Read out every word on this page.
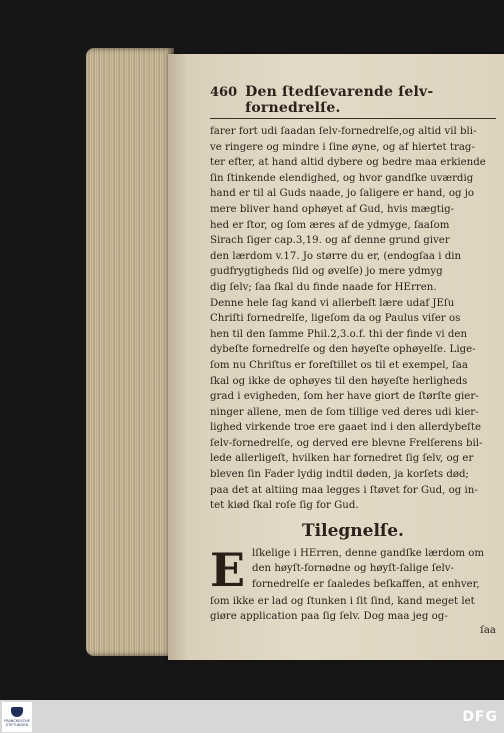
460 Den ſtedſevarende ſelv-fornedrelſe.
farer fort udi ſaadan ſelv-fornedrelſe,og altid vil bli-
ve ringere og mindre i ſine øyne, og af hiertet trag-
ter efter, at hand altid dybere og bedre maa erkiende
ſin ſtinkende elendighed, og hvor gandſke uværdig
hand er til al Guds naade, jo ſaligere er hand, og jo
mere bliver hand ophøyet af Gud, hvis mægtig-
hed er ſtor, og ſom æres af de ydmyge, ſaaſom
Sirach ſiger cap.3,19. og af denne grund giver
den lærdom v.17. Jo større du er, (endogſaa i din
gudfrygtigheds ſiid og øvelſe) jo mere ydmyg
dig ſelv; ſaa ſkal du finde naade for HErren.
Denne hele ſag kand vi allerbeſt lære udaf JEſu
Chriſti fornedrelſe, ligeſom da og Paulus viſer os
hen til den ſamme Phil.2,3.o.f. thi der finde vi den
dybeſte fornedrelſe og den høyeſte ophøyelſe. Lige-
ſom nu Chriſtus er foreſtillet os til et exempel, ſaa
ſkal og ikke de ophøyes til den høyeſte herligheds
grad i evigheden, ſom her have giort de ſtørſte gier-
ninger allene, men de ſom tillige ved deres udi kier-
lighed virkende troe ere gaaet ind i den allerdybeſte
ſelv-fornedrelſe, og derved ere blevne Frelſerens bil-
lede allerligeſt, hvilken har fornedret ſig ſelv, og er
bleven ſin Fader lydig indtil døden, ja korſets død;
paa det at altiing maa legges i ſtøvet for Gud, og in-
tet kiød ſkal roſe ſig for Gud.
Tilegnelſe.
E lſkelige i HErren, denne gandſke lærdom om
den høyſt-fornødne og høyſt-ſalige ſelv-
fornedrelſe er ſaaledes beſkaffen, at enhver,
ſom ikke er lad og ſtunken i ſit ſind, kand meget let
giøre application paa ſig ſelv. Dog maa jeg og-
ſaa
FRANCKESCHE STIFTUNGEN	DFG
